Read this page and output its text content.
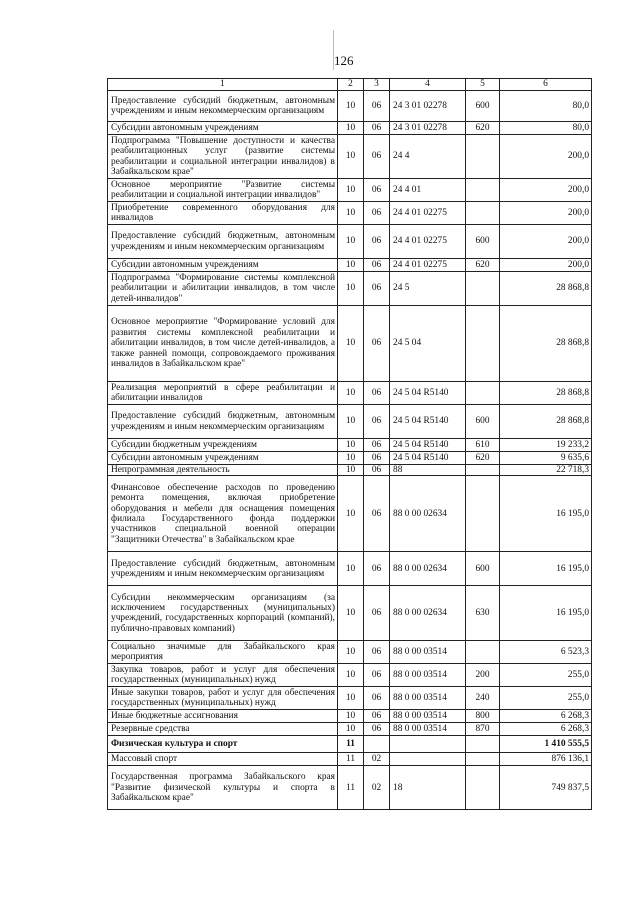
126
1	2	3	4	5	6
Предоставление субсидий бюджетным, автономным учреждениям и иным некоммерческим организациям	10	06	24 3 01 02278	600	80,0
Субсидии автономным учреждениям	10	06	24 3 01 02278	620	80,0
Подпрограмма "Повышение доступности и качества реабилитационных услуг (развитие системы реабилитации и социальной интеграции инвалидов) в Забайкальском крае"	10	06	24 4		200,0
Основное мероприятие "Развитие системы реабилитации и социальной интеграции инвалидов"	10	06	24 4 01		200,0
Приобретение современного оборудования для инвалидов	10	06	24 4 01 02275		200,0
Предоставление субсидий бюджетным, автономным учреждениям и иным некоммерческим организациям	10	06	24 4 01 02275	600	200,0
Субсидии автономным учреждениям	10	06	24 4 01 02275	620	200,0
Подпрограмма "Формирование системы комплексной реабилитации и абилитации инвалидов, в том числе детей-инвалидов"	10	06	24 5		28 868,8
Основное мероприятие "Формирование условий для развития системы комплексной реабилитации и абилитации инвалидов, в том числе детей-инвалидов, а также ранней помощи, сопровождаемого проживания инвалидов в Забайкальском крае"	10	06	24 5 04		28 868,8
Реализация мероприятий в сфере реабилитации и абилитации инвалидов	10	06	24 5 04 R5140		28 868,8
Предоставление субсидий бюджетным, автономным учреждениям и иным некоммерческим организациям	10	06	24 5 04 R5140	600	28 868,8
Субсидии бюджетным учреждениям	10	06	24 5 04 R5140	610	19 233,2
Субсидии автономным учреждениям	10	06	24 5 04 R5140	620	9 635,6
Непрограммная деятельность	10	06	88		22 718,3
Финансовое обеспечение расходов по проведению ремонта помещения, включая приобретение оборудования и мебели для оснащения помещения филиала Государственного фонда поддержки участников специальной военной операции "Защитники Отечества" в Забайкальском крае	10	06	88 0 00 02634		16 195,0
Предоставление субсидий бюджетным, автономным учреждениям и иным некоммерческим организациям	10	06	88 0 00 02634	600	16 195,0
Субсидии некоммерческим организациям (за исключением государственных (муниципальных) учреждений, государственных корпораций (компаний), публично-правовых компаний)	10	06	88 0 00 02634	630	16 195,0
Социально значимые для Забайкальского края мероприятия	10	06	88 0 00 03514		6 523,3
Закупка товаров, работ и услуг для обеспечения государственных (муниципальных) нужд	10	06	88 0 00 03514	200	255,0
Иные закупки товаров, работ и услуг для обеспечения государственных (муниципальных) нужд	10	06	88 0 00 03514	240	255,0
Иные бюджетные ассигнования	10	06	88 0 00 03514	800	6 268,3
Резервные средства	10	06	88 0 00 03514	870	6 268,3
Физическая культура и спорт	11				1 410 555,5
Массовый спорт	11	02			876 136,1
Государственная программа Забайкальского края "Развитие физической культуры и спорта в Забайкальском крае"	11	02	18		749 837,5
